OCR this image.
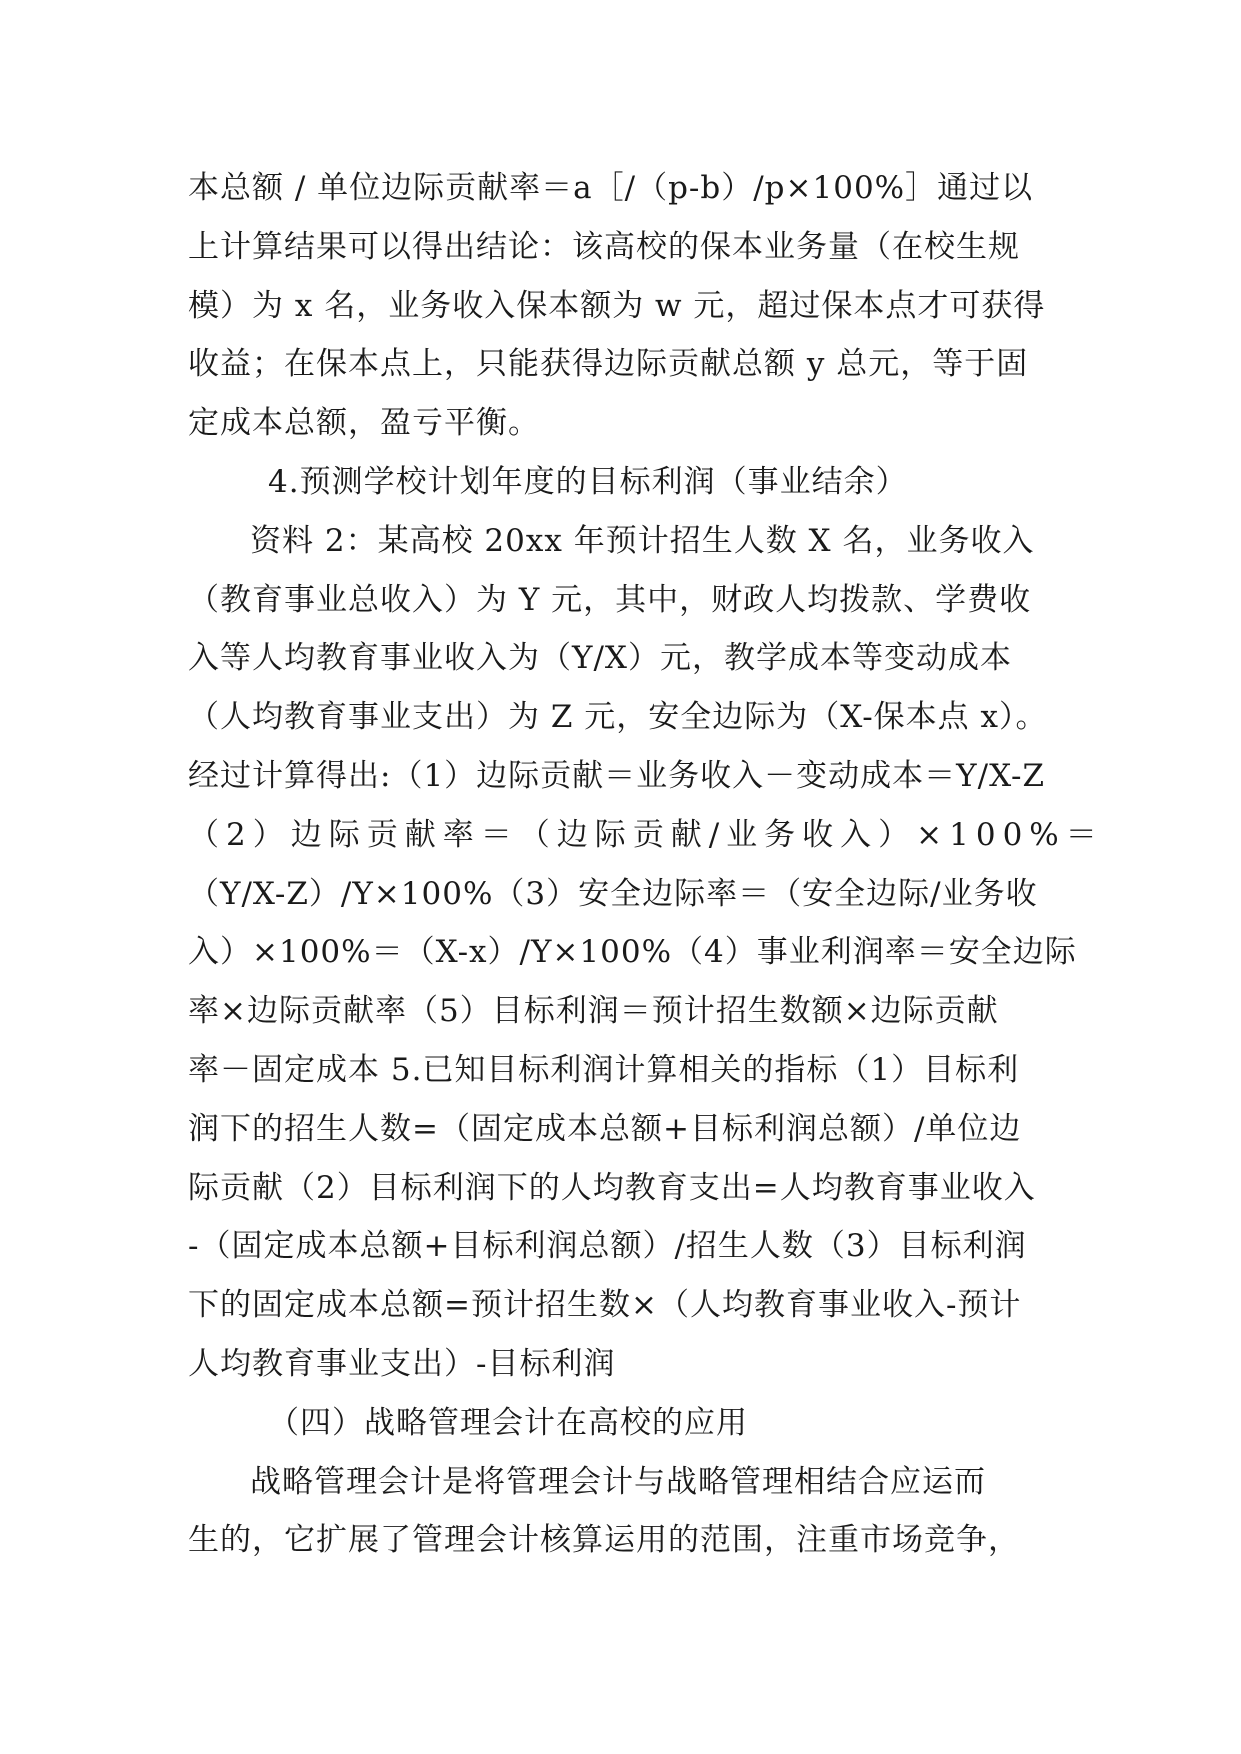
本总额 / 单位边际贡献率＝a［/（p-b）/p×100%］通过以
上计算结果可以得出结论：该高校的保本业务量（在校生规
模）为 x 名，业务收入保本额为 w 元，超过保本点才可获得
收益；在保本点上，只能获得边际贡献总额 y 总元，等于固
定成本总额，盈亏平衡。
4.预测学校计划年度的目标利润（事业结余）
资料 2：某高校 20xx 年预计招生人数 X 名，业务收入
（教育事业总收入）为 Y 元，其中，财政人均拨款、学费收
入等人均教育事业收入为（Y/X）元，教学成本等变动成本
（人均教育事业支出）为 Z 元，安全边际为（X-保本点 x）。
经过计算得出:（1）边际贡献＝业务收入－变动成本＝Y/X-Z
（2）边际贡献率＝（边际贡献/业务收入）×100%＝
（Y/X-Z）/Y×100%（3）安全边际率＝（安全边际/业务收
入）×100%＝（X-x）/Y×100%（4）事业利润率＝安全边际
率×边际贡献率（5）目标利润＝预计招生数额×边际贡献
率－固定成本 5.已知目标利润计算相关的指标（1）目标利
润下的招生人数=（固定成本总额+目标利润总额）/单位边
际贡献（2）目标利润下的人均教育支出=人均教育事业收入
-（固定成本总额+目标利润总额）/招生人数（3）目标利润
下的固定成本总额=预计招生数×（人均教育事业收入-预计
人均教育事业支出）-目标利润
（四）战略管理会计在高校的应用
战略管理会计是将管理会计与战略管理相结合应运而
生的，它扩展了管理会计核算运用的范围，注重市场竞争，
